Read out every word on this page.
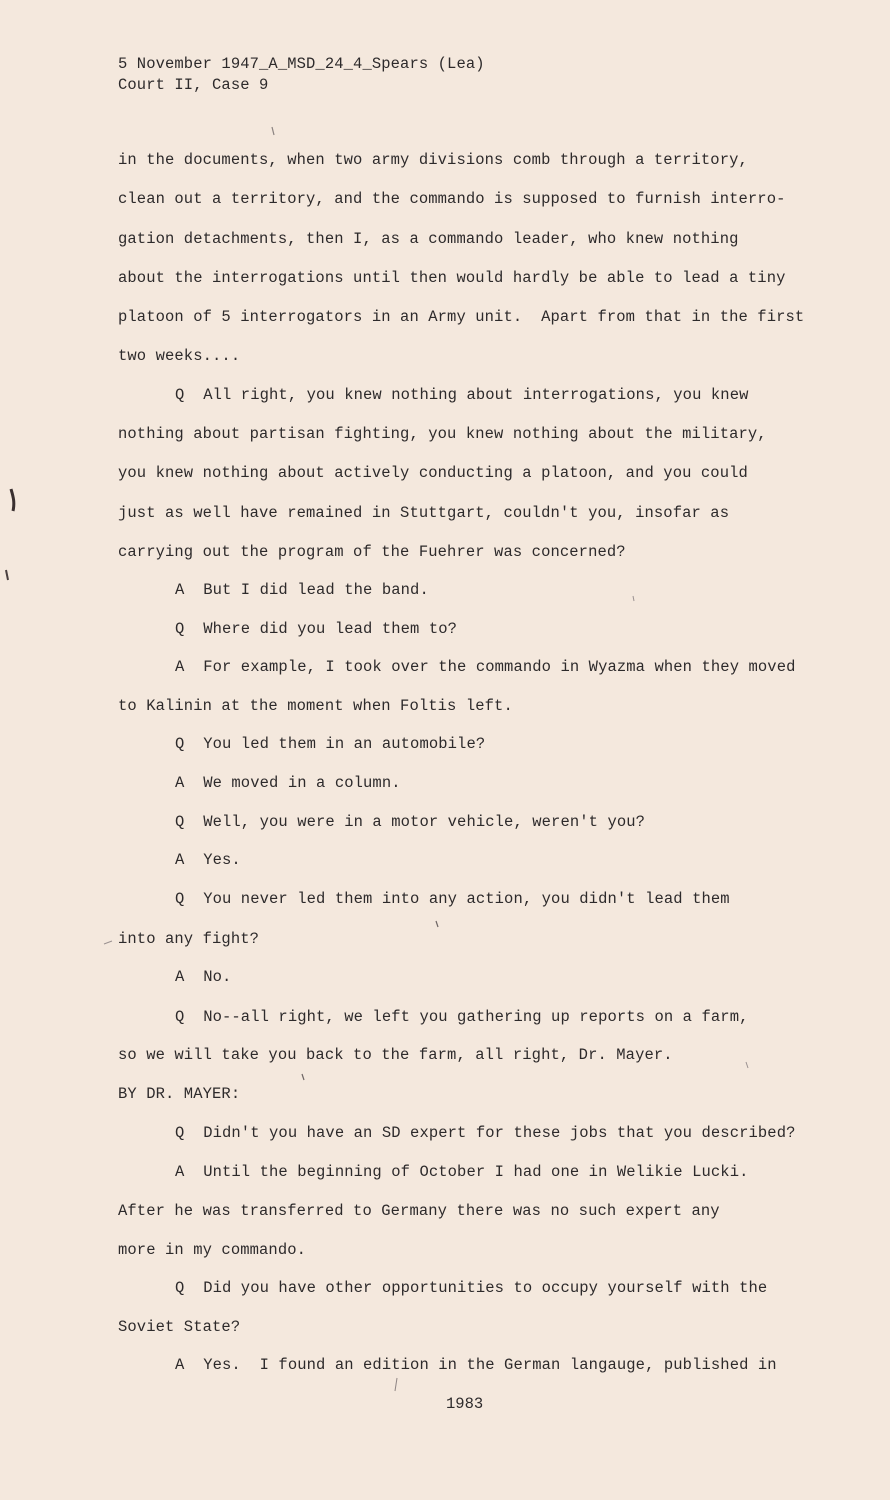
5 November 1947_A_MSD_24_4_Spears (Lea)
Court II, Case 9
in the documents, when two army divisions comb through a territory,
clean out a territory, and the commando is supposed to furnish interro-
gation detachments, then I, as a commando leader, who knew nothing
about the interrogations until then would hardly be able to lead a tiny
platoon of 5 interrogators in an Army unit.  Apart from that in the first
two weeks....
Q  All right, you knew nothing about interrogations, you knew
nothing about partisan fighting, you knew nothing about the military,
you knew nothing about actively conducting a platoon, and you could
just as well have remained in Stuttgart, couldn't you, insofar as
carrying out the program of the Fuehrer was concerned?
A  But I did lead the band.
Q  Where did you lead them to?
A  For example, I took over the commando in Wyazma when they moved
to Kalinin at the moment when Foltis left.
Q  You led them in an automobile?
A  We moved in a column.
Q  Well, you were in a motor vehicle, weren't you?
A  Yes.
Q  You never led them into any action, you didn't lead them
into any fight?
A  No.
Q  No--all right, we left you gathering up reports on a farm,
so we will take you back to the farm, all right, Dr. Mayer.
BY DR. MAYER:
Q  Didn't you have an SD expert for these jobs that you described?
A  Until the beginning of October I had one in Welikie Lucki.
After he was transferred to Germany there was no such expert any
more in my commando.
Q  Did you have other opportunities to occupy yourself with the
Soviet State?
A  Yes.  I found an edition in the German langauge, published in
1983
